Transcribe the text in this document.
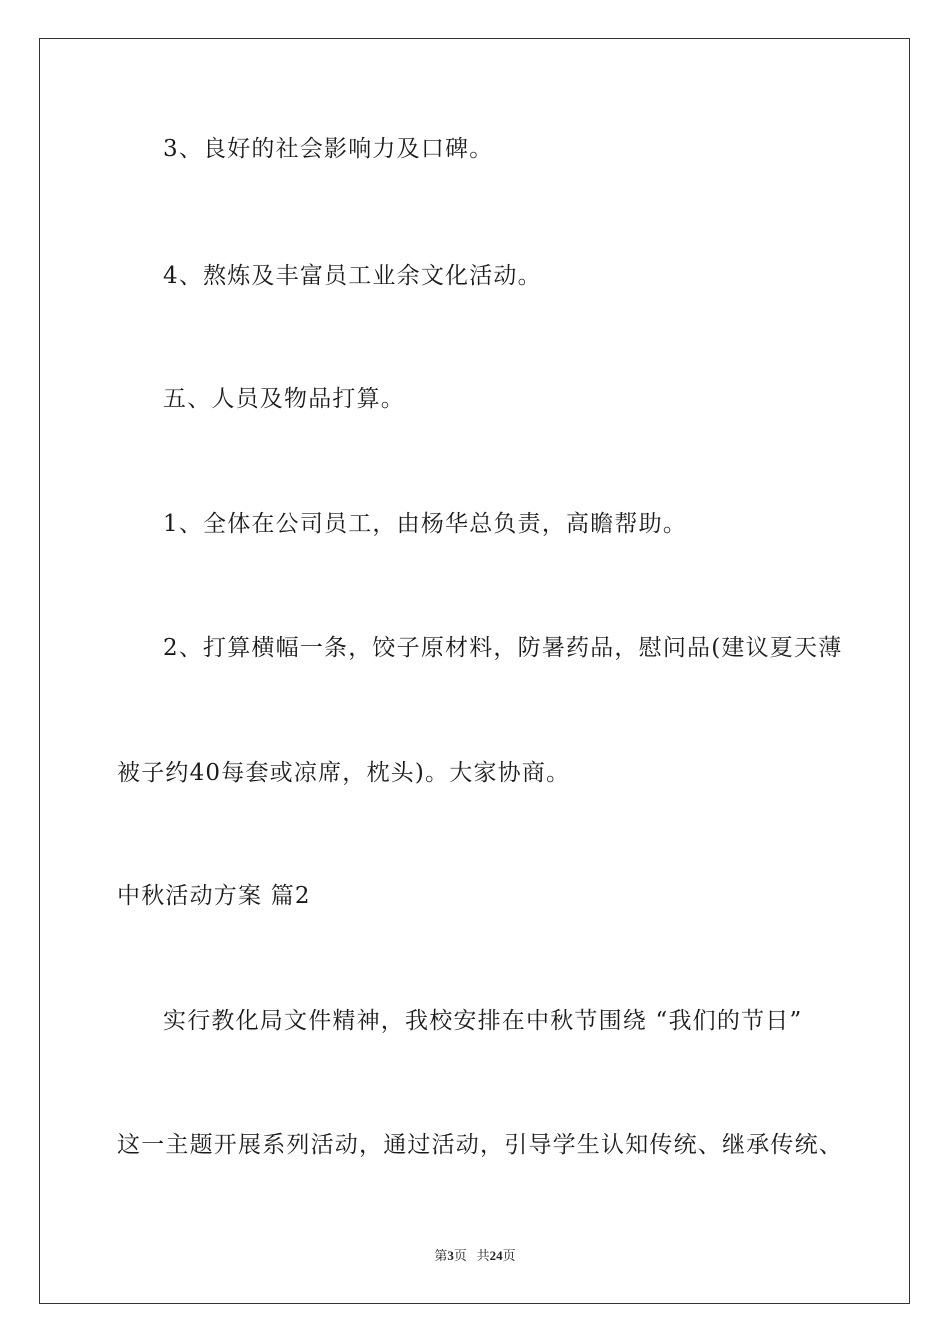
3、良好的社会影响力及口碑。
4、熬炼及丰富员工业余文化活动。
五、人员及物品打算。
1、全体在公司员工，由杨华总负责，高瞻帮助。
2、打算横幅一条，饺子原材料，防暑药品，慰问品(建议夏天薄
被子约40每套或凉席，枕头)。大家协商。
中秋活动方案 篇2
实行教化局文件精神，我校安排在中秋节围绕 “我们的节日”
这一主题开展系列活动，通过活动，引导学生认知传统、继承传统、
第3页 共24页
